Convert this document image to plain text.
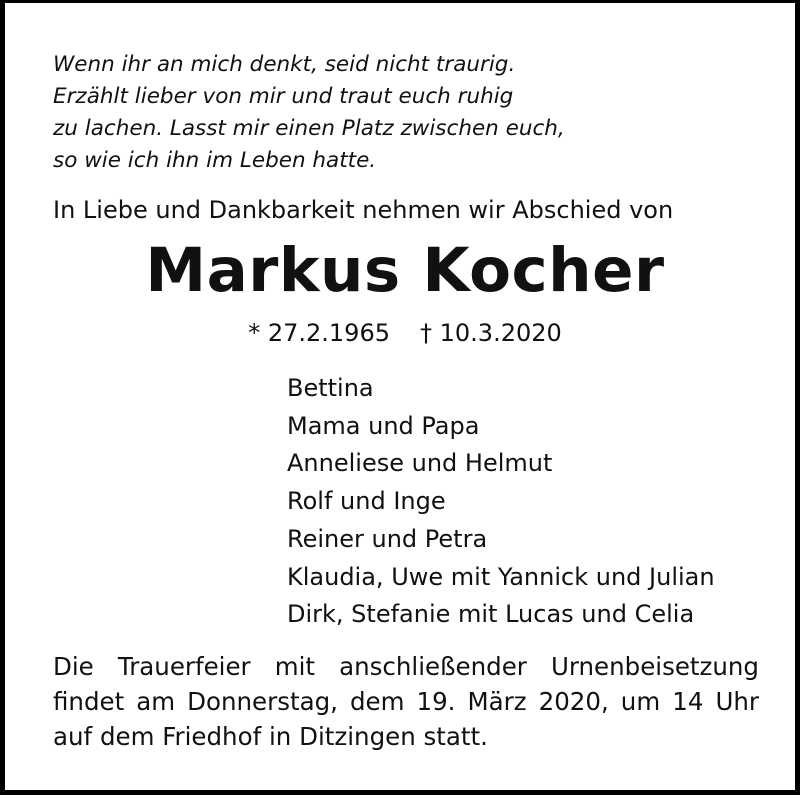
Wenn ihr an mich denkt, seid nicht traurig.
Erzählt lieber von mir und traut euch ruhig
zu lachen. Lasst mir einen Platz zwischen euch,
so wie ich ihn im Leben hatte.

In Liebe und Dankbarkeit nehmen wir Abschied von

Markus Kocher

* 27.2.1965 † 10.3.2020

Bettina
Mama und Papa
Anneliese und Helmut
Rolf und Inge
Reiner und Petra
Klaudia, Uwe mit Yannick und Julian
Dirk, Stefanie mit Lucas und Celia

Die Trauerfeier mit anschließender Urnenbeisetzung
findet am Donnerstag, dem 19. März 2020, um 14 Uhr
auf dem Friedhof in Ditzingen statt.
